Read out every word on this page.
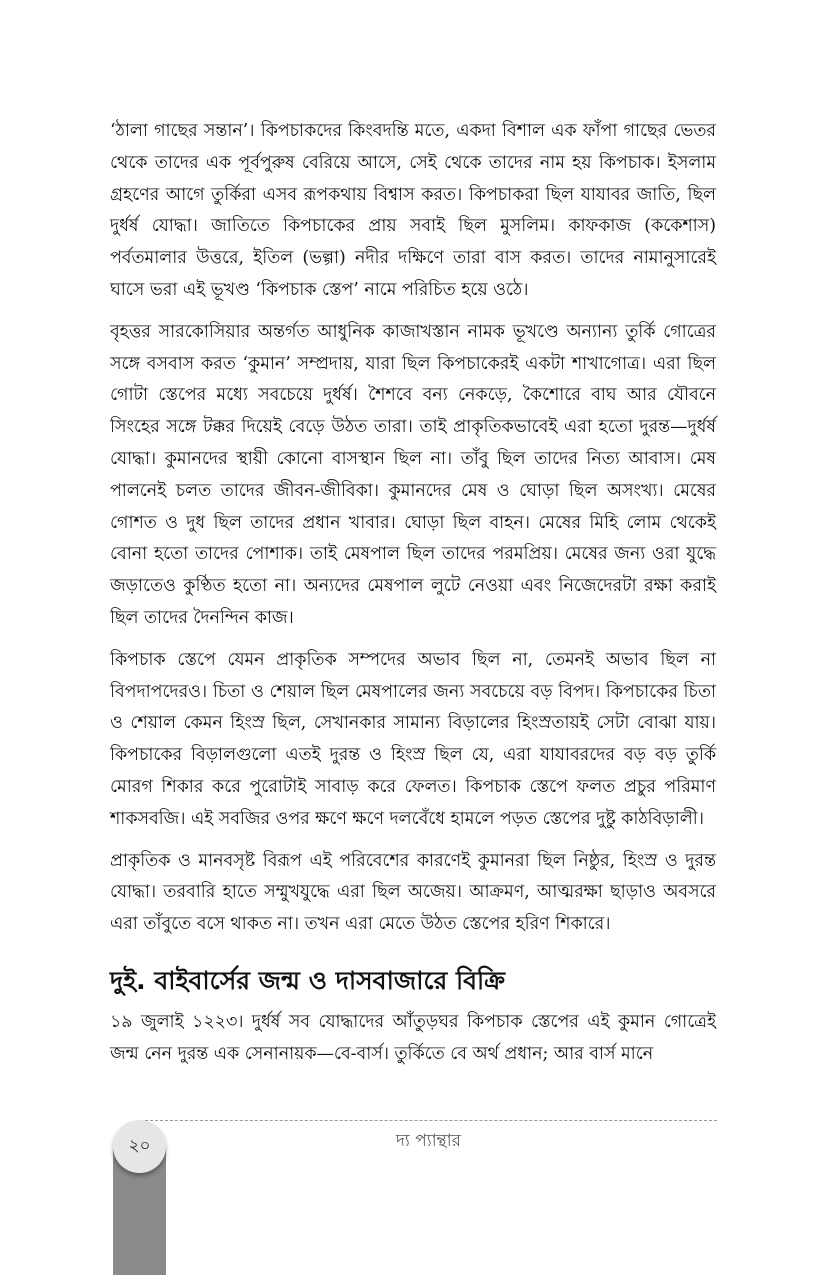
‘ঠালা গাছের সন্তান’। কিপচাকদের কিংবদন্তি মতে, একদা বিশাল এক ফাঁপা গাছের ভেতর থেকে তাদের এক পূর্বপুরুষ বেরিয়ে আসে, সেই থেকে তাদের নাম হয় কিপচাক। ইসলাম গ্রহণের আগে তুর্কিরা এসব রূপকথায় বিশ্বাস করত। কিপচাকরা ছিল যাযাবর জাতি, ছিল দুর্ধর্ষ যোদ্ধা। জাতিতে কিপচাকের প্রায় সবাই ছিল মুসলিম। কাফকাজ (ককেশাস) পর্বতমালার উত্তরে, ইতিল (ভল্গা) নদীর দক্ষিণে তারা বাস করত। তাদের নামানুসারেই ঘাসে ভরা এই ভূখণ্ড ‘কিপচাক স্তেপ’ নামে পরিচিত হয়ে ওঠে।

বৃহত্তর সারকোসিয়ার অন্তর্গত আধুনিক কাজাখস্তান নামক ভূখণ্ডে অন্যান্য তুর্কি গোত্রের সঙ্গে বসবাস করত ‘কুমান’ সম্প্রদায়, যারা ছিল কিপচাকেরই একটা শাখাগোত্র। এরা ছিল গোটা স্তেপের মধ্যে সবচেয়ে দুর্ধর্ষ। শৈশবে বন্য নেকড়ে, কৈশোরে বাঘ আর যৌবনে সিংহের সঙ্গে টক্কর দিয়েই বেড়ে উঠত তারা। তাই প্রাকৃতিকভাবেই এরা হতো দুরন্ত—দুর্ধর্ষ যোদ্ধা। কুমানদের স্থায়ী কোনো বাসস্থান ছিল না। তাঁবু ছিল তাদের নিত্য আবাস। মেষ পালনেই চলত তাদের জীবন-জীবিকা। কুমানদের মেষ ও ঘোড়া ছিল অসংখ্য। মেষের গোশত ও দুধ ছিল তাদের প্রধান খাবার। ঘোড়া ছিল বাহন। মেষের মিহি লোম থেকেই বোনা হতো তাদের পোশাক। তাই মেষপাল ছিল তাদের পরমপ্রিয়। মেষের জন্য ওরা যুদ্ধে জড়াতেও কুণ্ঠিত হতো না। অন্যদের মেষপাল লুটে নেওয়া এবং নিজেদেরটা রক্ষা করাই ছিল তাদের দৈনন্দিন কাজ।

কিপচাক স্তেপে যেমন প্রাকৃতিক সম্পদের অভাব ছিল না, তেমনই অভাব ছিল না বিপদাপদেরও। চিতা ও শেয়াল ছিল মেষপালের জন্য সবচেয়ে বড় বিপদ। কিপচাকের চিতা ও শেয়াল কেমন হিংস্র ছিল, সেখানকার সামান্য বিড়ালের হিংস্রতায়ই সেটা বোঝা যায়। কিপচাকের বিড়ালগুলো এতই দুরন্ত ও হিংস্র ছিল যে, এরা যাযাবরদের বড় বড় তুর্কি মোরগ শিকার করে পুরোটাই সাবাড় করে ফেলত। কিপচাক স্তেপে ফলত প্রচুর পরিমাণ শাকসবজি। এই সবজির ওপর ক্ষণে ক্ষণে দলবেঁধে হামলে পড়ত স্তেপের দুষ্টু কাঠবিড়ালী।

প্রাকৃতিক ও মানবসৃষ্ট বিরূপ এই পরিবেশের কারণেই কুমানরা ছিল নিষ্ঠুর, হিংস্র ও দুরন্ত যোদ্ধা। তরবারি হাতে সম্মুখযুদ্ধে এরা ছিল অজেয়। আক্রমণ, আত্মরক্ষা ছাড়াও অবসরে এরা তাঁবুতে বসে থাকত না। তখন এরা মেতে উঠত স্তেপের হরিণ শিকারে।

দুই. বাইবার্সের জন্ম ও দাসবাজারে বিক্রি

১৯ জুলাই ১২২৩। দুর্ধর্ষ সব যোদ্ধাদের আঁতুড়ঘর কিপচাক স্তেপের এই কুমান গোত্রেই জন্ম নেন দুরন্ত এক সেনানায়ক—বে-বার্স। তুর্কিতে বে অর্থ প্রধান; আর বার্স মানে

২০	দ্য প্যান্থার
